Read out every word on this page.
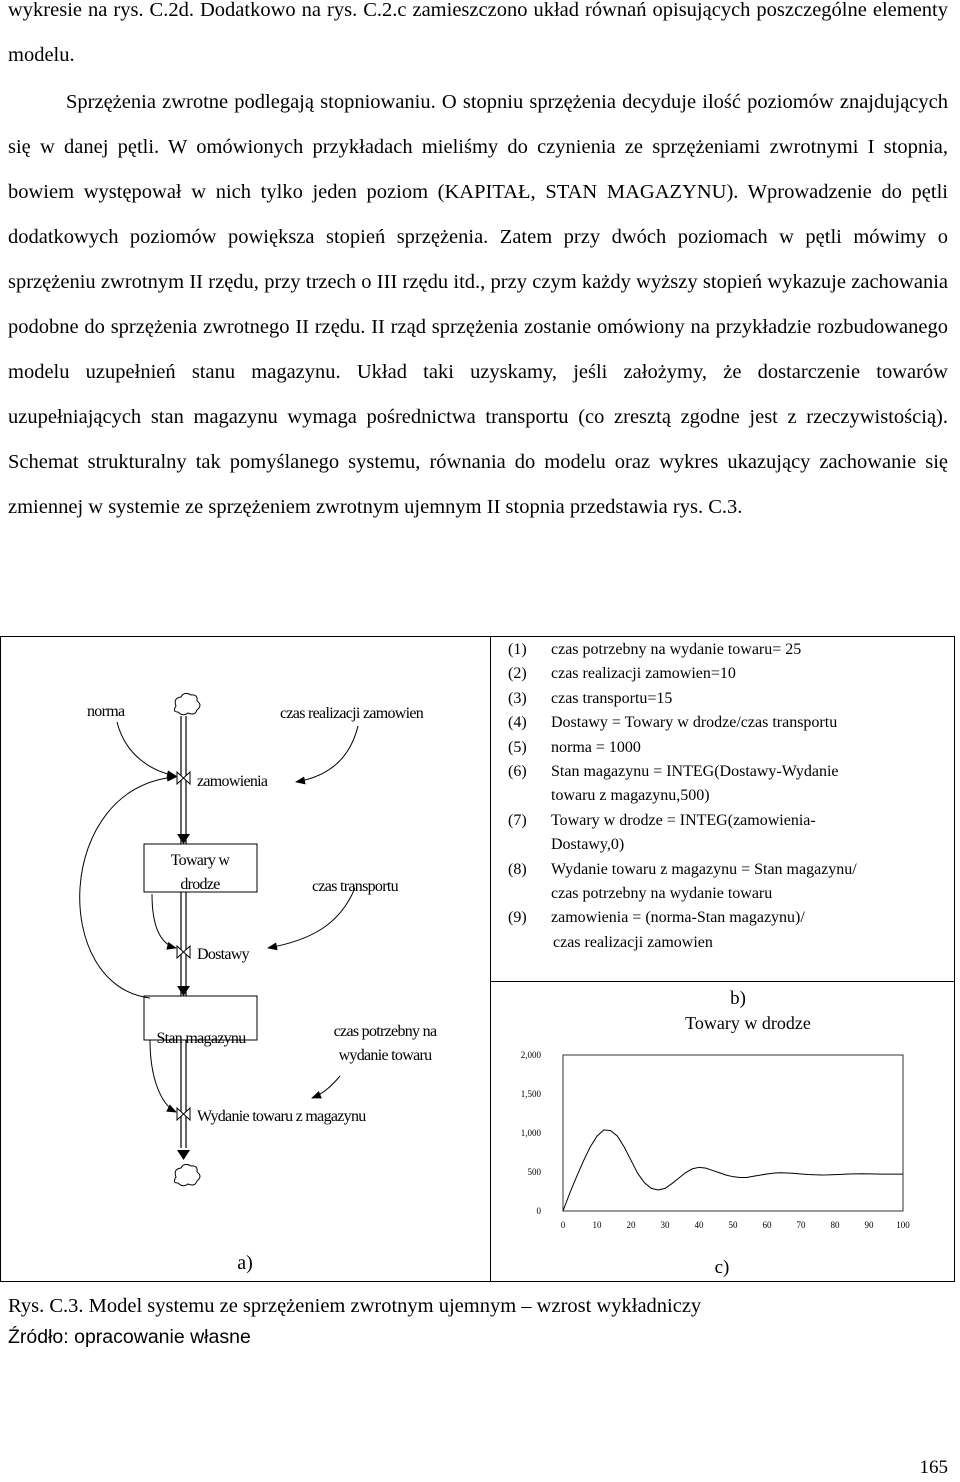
wykresie na rys. C.2d. Dodatkowo na rys. C.2.c zamieszczono układ równań opisujących poszczególne elementy modelu.

Sprzężenia zwrotne podlegają stopniowaniu. O stopniu sprzężenia decyduje ilość poziomów znajdujących się w danej pętli. W omówionych przykładach mieliśmy do czynienia ze sprzężeniami zwrotnymi I stopnia, bowiem występował w nich tylko jeden poziom (KAPITAŁ, STAN MAGAZYNU). Wprowadzenie do pętli dodatkowych poziomów powiększa stopień sprzężenia. Zatem przy dwóch poziomach w pętli mówimy o sprzężeniu zwrotnym II rzędu, przy trzech o III rzędu itd., przy czym każdy wyższy stopień wykazuje zachowania podobne do sprzężenia zwrotnego II rzędu. II rząd sprzężenia zostanie omówiony na przykładzie rozbudowanego modelu uzupełnień stanu magazynu. Układ taki uzyskamy, jeśli założymy, że dostarczenie towarów uzupełniających stan magazynu wymaga pośrednictwa transportu (co zresztą zgodne jest z rzeczywistością). Schemat strukturalny tak pomyślanego systemu, równania do modelu oraz wykres ukazujący zachowanie się zmiennej w systemie ze sprzężeniem zwrotnym ujemnym II stopnia przedstawia rys. C.3.

norma	czas realizacji zamowien
zamowienia
Towary w
drodze	czas transportu
Dostawy
Stan magazynu	czas potrzebny na
wydanie towaru
Wydanie towaru z magazynu
a)
(1) czas potrzebny na wydanie towaru= 25
(2) czas realizacji zamowien=10
(3) czas transportu=15
(4) Dostawy = Towary w drodze/czas transportu
(5) norma = 1000
(6) Stan magazynu = INTEG(Dostawy-Wydanie
towaru z magazynu,500)
(7) Towary w drodze = INTEG(zamowienia-
Dostawy,0)
(8) Wydanie towaru z magazynu = Stan magazynu/
czas potrzebny na wydanie towaru
(9) zamowienia = (norma-Stan magazynu)/
czas realizacji zamowien
b)
Towary w drodze
0
500
1,000
1,500
2,000
0	10	20	30	40	50	60	70	80	90	100
c)
Rys. C.3. Model systemu ze sprzężeniem zwrotnym ujemnym – wzrost wykładniczy
Źródło: opracowanie własne
165
